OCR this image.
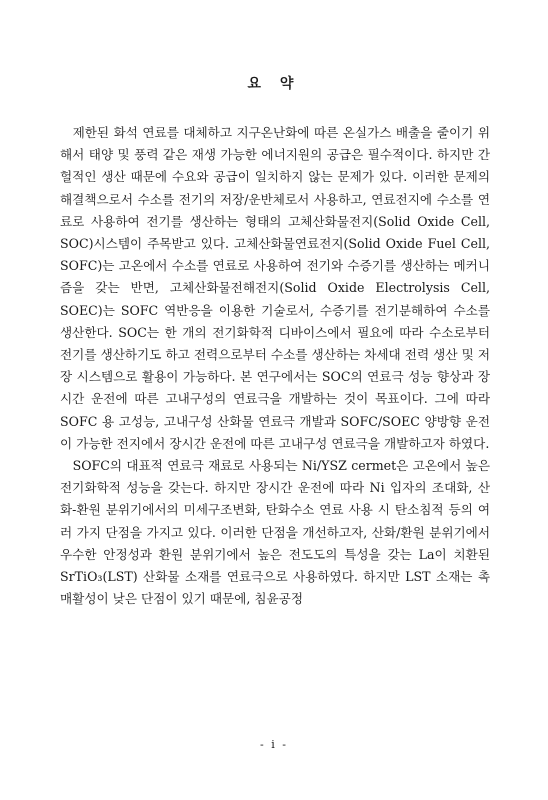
요 약

제한된 화석 연료를 대체하고 지구온난화에 따른 온실가스 배출을 줄이기 위해서 태양 및 풍력 같은 재생 가능한 에너지원의 공급은 필수적이다. 하지만 간헐적인 생산 때문에 수요와 공급이 일치하지 않는 문제가 있다. 이러한 문제의 해결책으로서 수소를 전기의 저장/운반체로서 사용하고, 연료전지에 수소를 연료로 사용하여 전기를 생산하는 형태의 고체산화물전지(Solid Oxide Cell, SOC)시스템이 주목받고 있다. 고체산화물연료전지(Solid Oxide Fuel Cell, SOFC)는 고온에서 수소를 연료로 사용하여 전기와 수증기를 생산하는 메커니즘을 갖는 반면, 고체산화물전해전지(Solid Oxide Electrolysis Cell, SOEC)는 SOFC 역반응을 이용한 기술로서, 수증기를 전기분해하여 수소를 생산한다. SOC는 한 개의 전기화학적 디바이스에서 필요에 따라 수소로부터 전기를 생산하기도 하고 전력으로부터 수소를 생산하는 차세대 전력 생산 및 저장 시스템으로 활용이 가능하다. 본 연구에서는 SOC의 연료극 성능 향상과 장시간 운전에 따른 고내구성의 연료극을 개발하는 것이 목표이다. 그에 따라 SOFC 용 고성능, 고내구성 산화물 연료극 개발과 SOFC/SOEC 양방향 운전이 가능한 전지에서 장시간 운전에 따른 고내구성 연료극을 개발하고자 하였다.

SOFC의 대표적 연료극 재료로 사용되는 Ni/YSZ cermet은 고온에서 높은 전기화학적 성능을 갖는다. 하지만 장시간 운전에 따라 Ni 입자의 조대화, 산화-환원 분위기에서의 미세구조변화, 탄화수소 연료 사용 시 탄소침적 등의 여러 가지 단점을 가지고 있다. 이러한 단점을 개선하고자, 산화/환원 분위기에서 우수한 안정성과 환원 분위기에서 높은 전도도의 특성을 갖는 La이 치환된 SrTiO₃(LST) 산화물 소재를 연료극으로 사용하였다. 하지만 LST 소재는 촉매활성이 낮은 단점이 있기 때문에, 침윤공정

- i -
